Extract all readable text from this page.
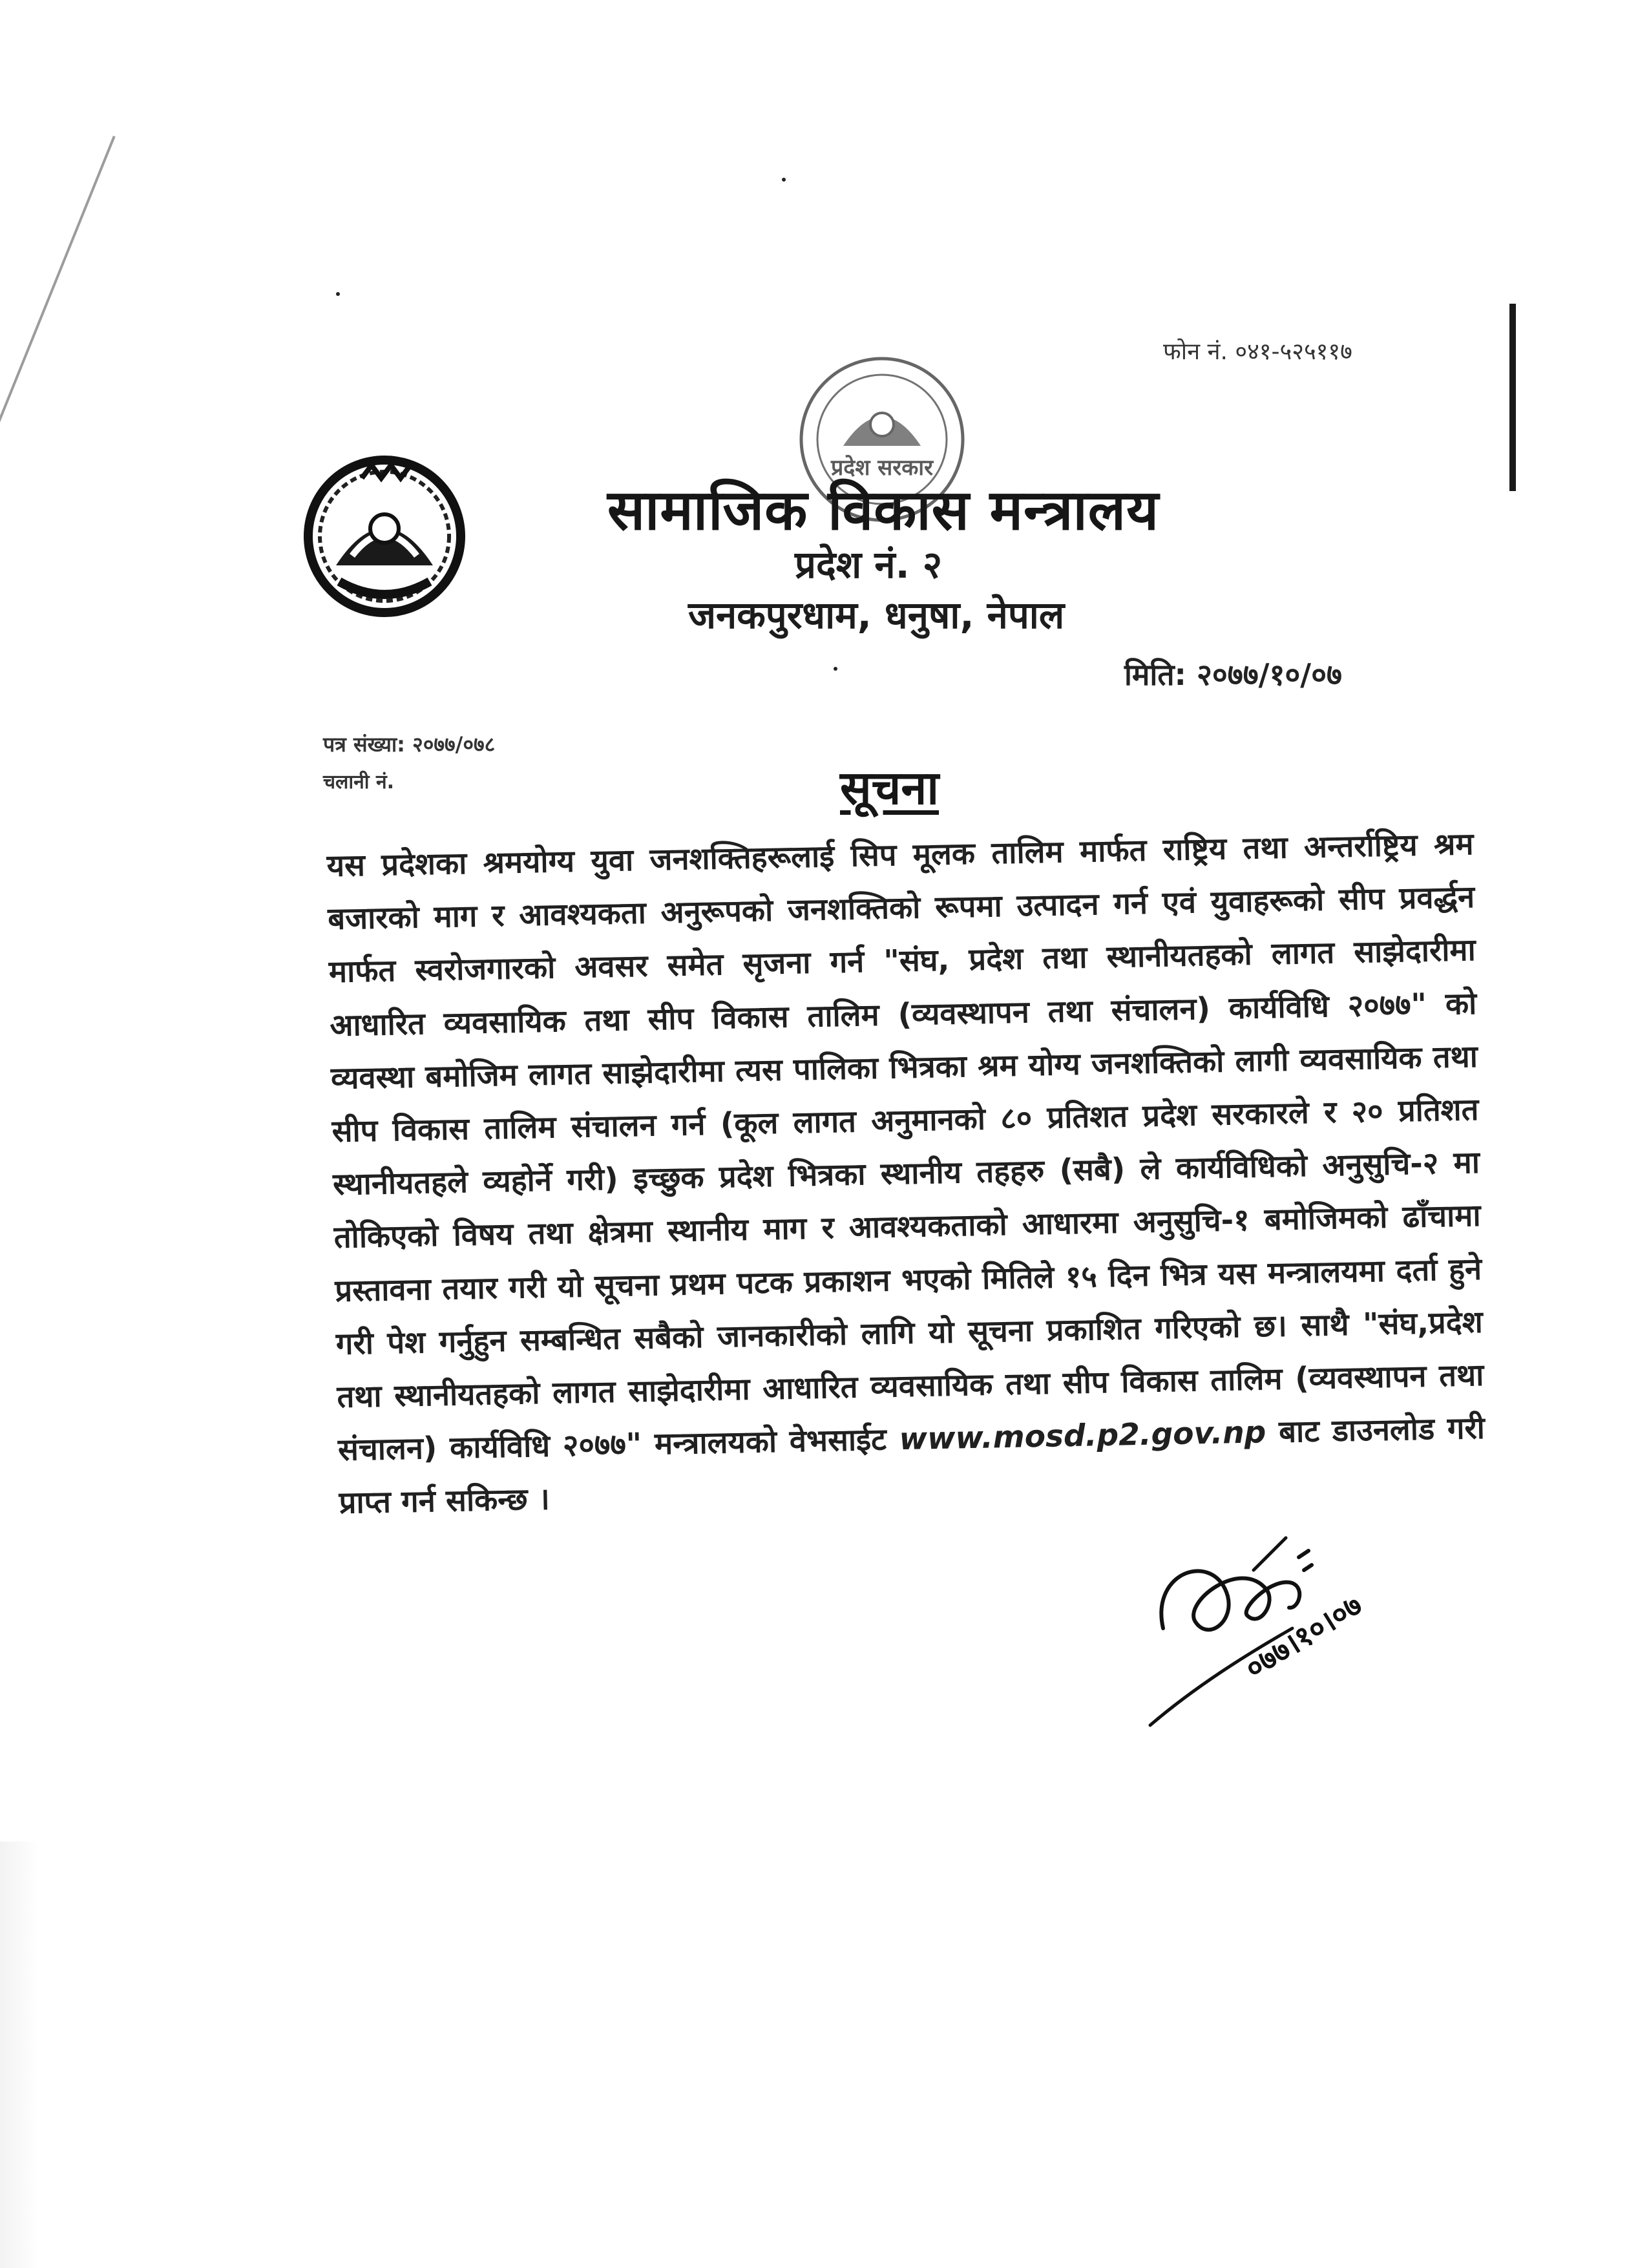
फोन नं. ०४१-५२५११७
प्रदेश सरकार
सामाजिक विकास मन्त्रालय
प्रदेश नं. २
जनकपुरधाम, धनुषा, नेपाल
मिति: २०७७/१०/०७
पत्र संख्या: २०७७/०७८
चलानी नं.	सूचना
यस प्रदेशका श्रमयोग्य युवा जनशक्तिहरूलाई सिप मूलक तालिम मार्फत राष्ट्रिय तथा अन्तर्राष्ट्रिय श्रम बजारको माग र आवश्यकता अनुरूपको जनशक्तिको रूपमा उत्पादन गर्न एवं युवाहरूको सीप प्रवर्द्धन मार्फत स्वरोजगारको अवसर समेत सृजना गर्न "संघ, प्रदेश तथा स्थानीयतहको लागत साझेदारीमा आधारित व्यवसायिक तथा सीप विकास तालिम (व्यवस्थापन तथा संचालन) कार्यविधि २०७७" को व्यवस्था बमोजिम लागत साझेदारीमा त्यस पालिका भित्रका श्रम योग्य जनशक्तिको लागी व्यवसायिक तथा सीप विकास तालिम संचालन गर्न (कूल लागत अनुमानको ८० प्रतिशत प्रदेश सरकारले र २० प्रतिशत स्थानीयतहले व्यहोर्ने गरी) इच्छुक प्रदेश भित्रका स्थानीय तहहरु (सबै) ले कार्यविधिको अनुसुचि-२ मा तोकिएको विषय तथा क्षेत्रमा स्थानीय माग र आवश्यकताको आधारमा अनुसुचि-१ बमोजिमको ढाँचामा प्रस्तावना तयार गरी यो सूचना प्रथम पटक प्रकाशन भएको मितिले १५ दिन भित्र यस मन्त्रालयमा दर्ता हुने गरी पेश गर्नुहुन सम्बन्धित सबैको जानकारीको लागि यो सूचना प्रकाशित गरिएको छ। साथै "संघ,प्रदेश तथा स्थानीयतहको लागत साझेदारीमा आधारित व्यवसायिक तथा सीप विकास तालिम (व्यवस्थापन तथा संचालन) कार्यविधि २०७७" मन्त्रालयको वेभसाईट www.mosd.p2.gov.np बाट डाउनलोड गरी प्राप्त गर्न सकिन्छ ।
०७७।१०।०७
